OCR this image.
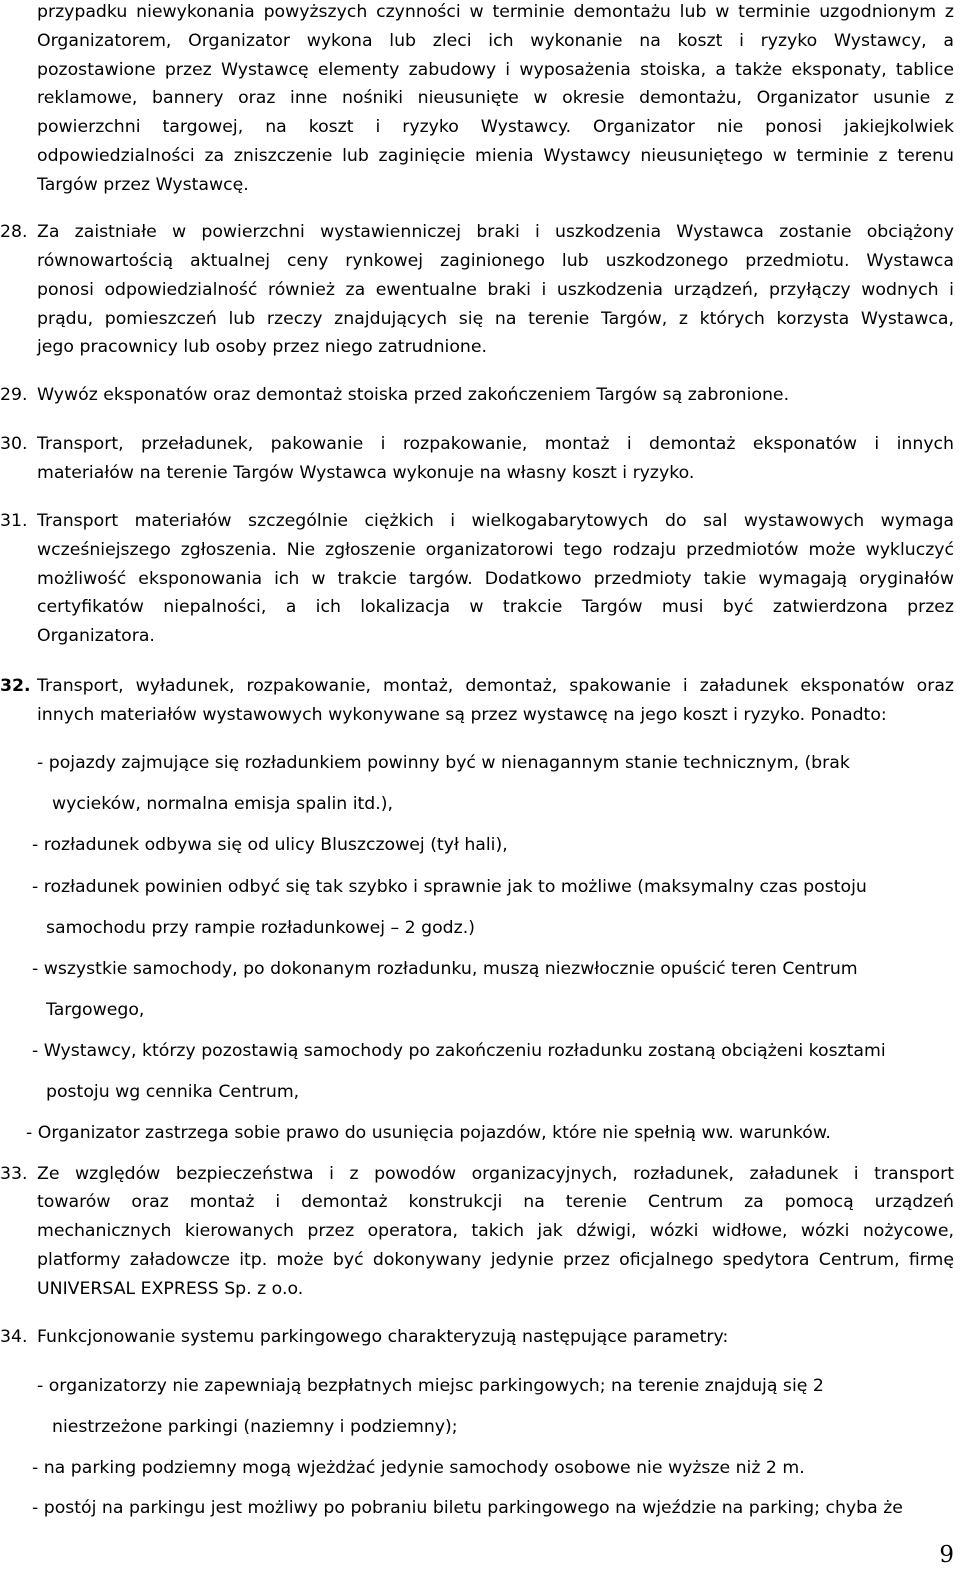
przypadku niewykonania powyższych czynności w terminie demontażu lub w terminie uzgodnionym z
Organizatorem, Organizator wykona lub zleci ich wykonanie na koszt i ryzyko Wystawcy, a
pozostawione przez Wystawcę elementy zabudowy i wyposażenia stoiska, a także eksponaty, tablice
reklamowe, bannery oraz inne nośniki nieusunięte w okresie demontażu, Organizator usunie z
powierzchni targowej, na koszt i ryzyko Wystawcy. Organizator nie ponosi jakiejkolwiek
odpowiedzialności za zniszczenie lub zaginięcie mienia Wystawcy nieusuniętego w terminie z terenu
Targów przez Wystawcę.
28. Za zaistniałe w powierzchni wystawienniczej braki i uszkodzenia Wystawca zostanie obciążony
równowartością aktualnej ceny rynkowej zaginionego lub uszkodzonego przedmiotu. Wystawca
ponosi odpowiedzialność również za ewentualne braki i uszkodzenia urządzeń, przyłączy wodnych i
prądu, pomieszczeń lub rzeczy znajdujących się na terenie Targów, z których korzysta Wystawca,
jego pracownicy lub osoby przez niego zatrudnione.
29. Wywóz eksponatów oraz demontaż stoiska przed zakończeniem Targów są zabronione.
30. Transport, przeładunek, pakowanie i rozpakowanie, montaż i demontaż eksponatów i innych
materiałów na terenie Targów Wystawca wykonuje na własny koszt i ryzyko.
31. Transport materiałów szczególnie ciężkich i wielkogabarytowych do sal wystawowych wymaga
wcześniejszego zgłoszenia. Nie zgłoszenie organizatorowi tego rodzaju przedmiotów może wykluczyć
możliwość eksponowania ich w trakcie targów. Dodatkowo przedmioty takie wymagają oryginałów
certyfikatów niepalności, a ich lokalizacja w trakcie Targów musi być zatwierdzona przez
Organizatora.
32. Transport, wyładunek, rozpakowanie, montaż, demontaż, spakowanie i załadunek eksponatów oraz
innych materiałów wystawowych wykonywane są przez wystawcę na jego koszt i ryzyko. Ponadto:
- pojazdy zajmujące się rozładunkiem powinny być w nienagannym stanie technicznym, (brak
wycieków, normalna emisja spalin itd.),
- rozładunek odbywa się od ulicy Bluszczowej (tył hali),
- rozładunek powinien odbyć się tak szybko i sprawnie jak to możliwe (maksymalny czas postoju
samochodu przy rampie rozładunkowej – 2 godz.)
- wszystkie samochody, po dokonanym rozładunku, muszą niezwłocznie opuścić teren Centrum
Targowego,
- Wystawcy, którzy pozostawią samochody po zakończeniu rozładunku zostaną obciążeni kosztami
postoju wg cennika Centrum,
- Organizator zastrzega sobie prawo do usunięcia pojazdów, które nie spełnią ww. warunków.
33. Ze względów bezpieczeństwa i z powodów organizacyjnych, rozładunek, załadunek i transport
towarów oraz montaż i demontaż konstrukcji na terenie Centrum za pomocą urządzeń
mechanicznych kierowanych przez operatora, takich jak dźwigi, wózki widłowe, wózki nożycowe,
platformy załadowcze itp. może być dokonywany jedynie przez oficjalnego spedytora Centrum, firmę
UNIVERSAL EXPRESS Sp. z o.o.
34. Funkcjonowanie systemu parkingowego charakteryzują następujące parametry:
- organizatorzy nie zapewniają bezpłatnych miejsc parkingowych; na terenie znajdują się 2
niestrzeżone parkingi (naziemny i podziemny);
- na parking podziemny mogą wjeżdżać jedynie samochody osobowe nie wyższe niż 2 m.
- postój na parkingu jest możliwy po pobraniu biletu parkingowego na wjeździe na parking; chyba że
9
